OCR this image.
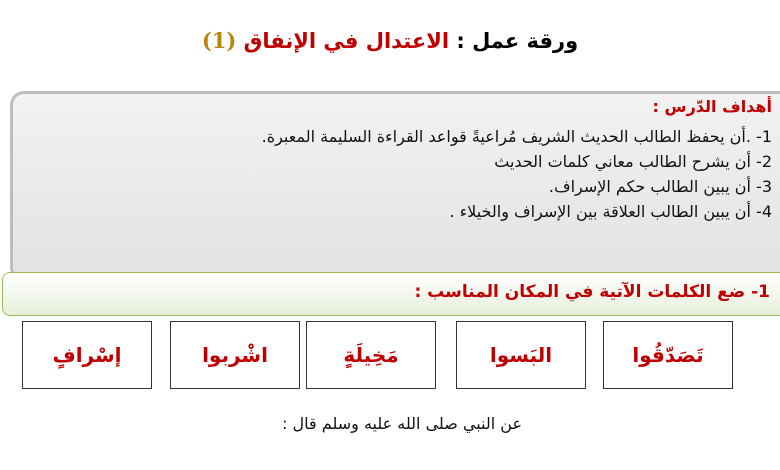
ورقة عمل : الاعتدال في الإنفاق (1)
أهداف الدّرس :
1- .أن يحفظ الطالب الحديث الشريف مُراعيةً قواعد القراءة السليمة المعبرة.
2- أن يشرح الطالب معاني كلمات الحديث
3- أن يبين الطالب حكم الإسراف.
4- أن يبين الطالب العلاقة بين الإسراف والخيلاء .
1- ضع الكلمات الآتية في المكان المناسب :
تَصَدّقُوا
البَسوا
مَخِيلَةٍ
اشْربوا
إسْرافٍ
عن النبي صلى الله عليه وسلم قال :
